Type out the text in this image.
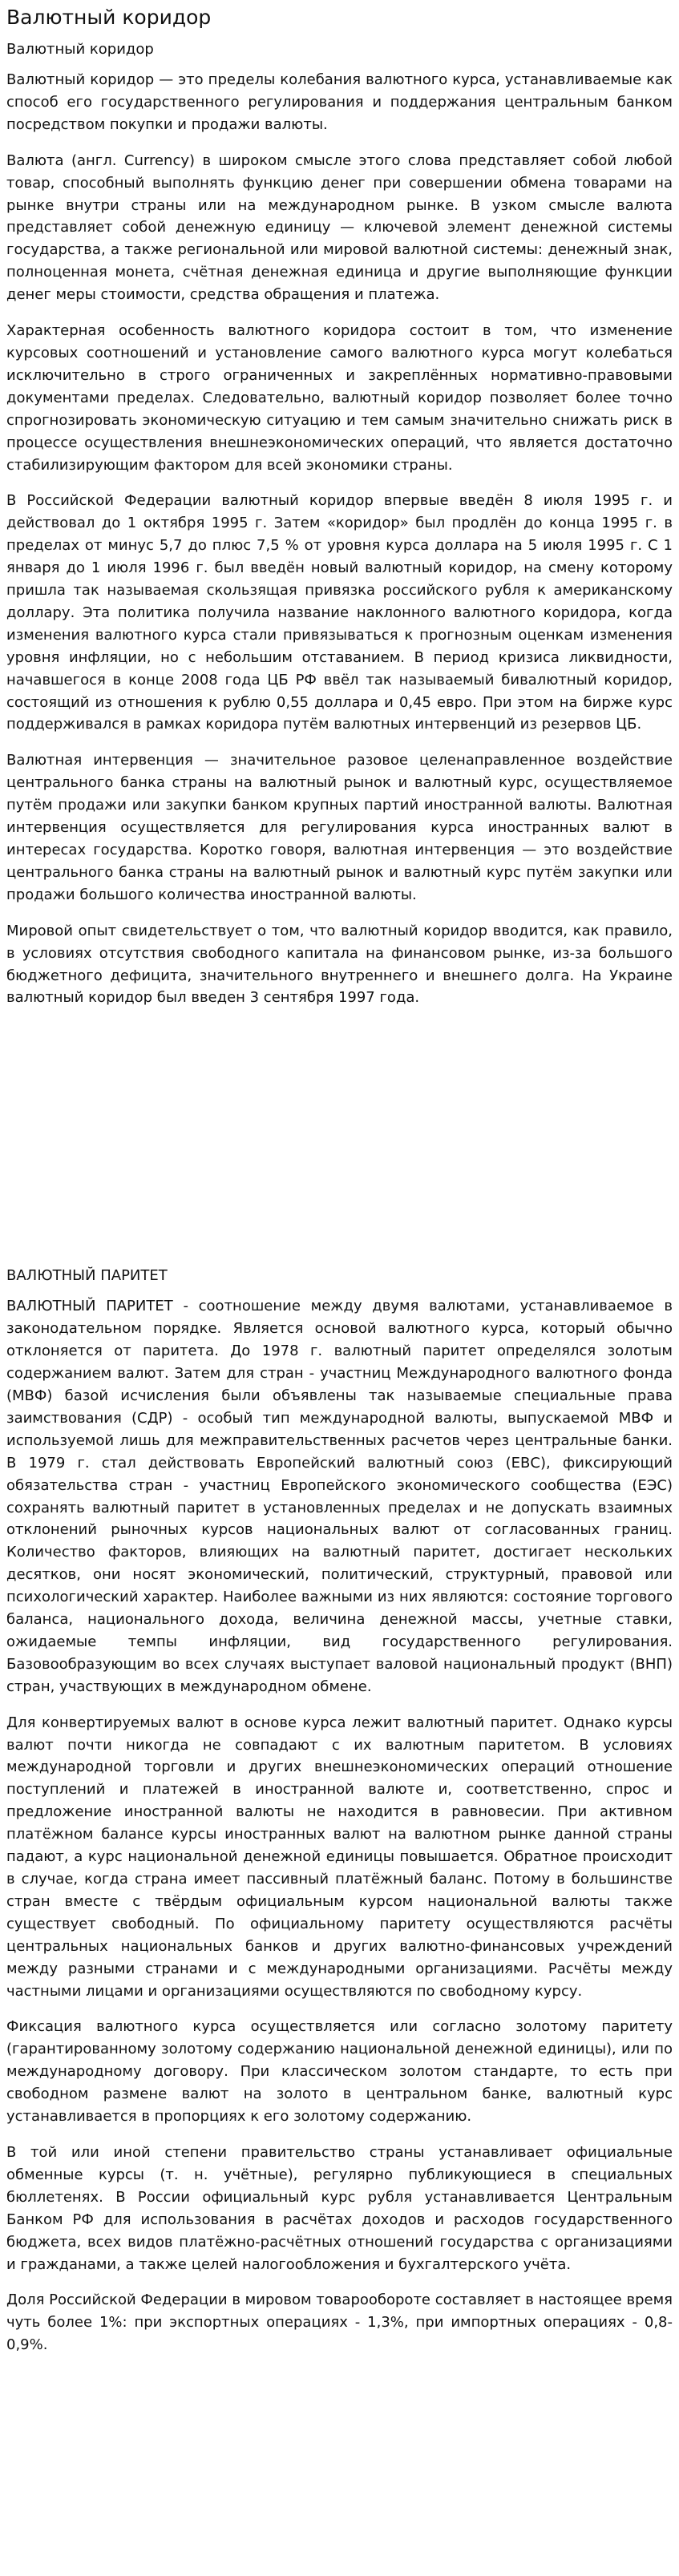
Валютный коридор
Валютный коридор

Валютный коридор — это пределы колебания валютного курса, устанавливаемые как способ его государственного регулирования и поддержания центральным банком посредством покупки и продажи валюты.

Валюта (англ. Currency) в широком смысле этого слова представляет собой любой товар, способный выполнять функцию денег при совершении обмена товарами на рынке внутри страны или на международном рынке. В узком смысле валюта представляет собой денежную единицу — ключевой элемент денежной системы государства, а также региональной или мировой валютной системы: денежный знак, полноценная монета, счётная денежная единица и другие выполняющие функции денег меры стоимости, средства обращения и платежа.

Характерная особенность валютного коридора состоит в том, что изменение курсовых соотношений и установление самого валютного курса могут колебаться исключительно в строго ограниченных и закреплённых нормативно-правовыми документами пределах. Следовательно, валютный коридор позволяет более точно спрогнозировать экономическую ситуацию и тем самым значительно снижать риск в процессе осуществления внешнеэкономических операций, что является достаточно стабилизирующим фактором для всей экономики страны.

В Российской Федерации валютный коридор впервые введён 8 июля 1995 г. и действовал до 1 октября 1995 г. Затем «коридор» был продлён до конца 1995 г. в пределах от минус 5,7 до плюс 7,5 % от уровня курса доллара на 5 июля 1995 г. С 1 января до 1 июля 1996 г. был введён новый валютный коридор, на смену которому пришла так называемая скользящая привязка российского рубля к американскому доллару. Эта политика получила название наклонного валютного коридора, когда изменения валютного курса стали привязываться к прогнозным оценкам изменения уровня инфляции, но с небольшим отставанием. В период кризиса ликвидности, начавшегося в конце 2008 года ЦБ РФ ввёл так называемый бивалютный коридор, состоящий из отношения к рублю 0,55 доллара и 0,45 евро. При этом на бирже курс поддерживался в рамках коридора путём валютных интервенций из резервов ЦБ.

Валютная интервенция — значительное разовое целенаправленное воздействие центрального банка страны на валютный рынок и валютный курс, осуществляемое путём продажи или закупки банком крупных партий иностранной валюты. Валютная интервенция осуществляется для регулирования курса иностранных валют в интересах государства. Коротко говоря, валютная интервенция — это воздействие центрального банка страны на валютный рынок и валютный курс путём закупки или продажи большого количества иностранной валюты.

Мировой опыт свидетельствует о том, что валютный коридор вводится, как правило, в условиях отсутствия свободного капитала на финансовом рынке, из-за большого бюджетного дефицита, значительного внутреннего и внешнего долга. На Украине валютный коридор был введен 3 сентября 1997 года.

ВАЛЮТНЫЙ ПАРИТЕТ

ВАЛЮТНЫЙ ПАРИТЕТ - соотношение между двумя валютами, устанавливаемое в законодательном порядке. Является основой валютного курса, который обычно отклоняется от паритета. До 1978 г. валютный паритет определялся золотым содержанием валют. Затем для стран - участниц Международного валютного фонда (МВФ) базой исчисления были объявлены так называемые специальные права заимствования (СДР) - особый тип международной валюты, выпускаемой МВФ и используемой лишь для межправительственных расчетов через центральные банки. В 1979 г. стал действовать Европейский валютный союз (ЕВС), фиксирующий обязательства стран - участниц Европейского экономического сообщества (ЕЭС) сохранять валютный паритет в установленных пределах и не допускать взаимных отклонений рыночных курсов национальных валют от согласованных границ. Количество факторов, влияющих на валютный паритет, достигает нескольких десятков, они носят экономический, политический, структурный, правовой или психологический характер. Наиболее важными из них являются: состояние торгового баланса, национального дохода, величина денежной массы, учетные ставки, ожидаемые темпы инфляции, вид государственного регулирования. Базовообразующим во всех случаях выступает валовой национальный продукт (ВНП) стран, участвующих в международном обмене.

Для конвертируемых валют в основе курса лежит валютный паритет. Однако курсы валют почти никогда не совпадают с их валютным паритетом. В условиях международной торговли и других внешнеэкономических операций отношение поступлений и платежей в иностранной валюте и, соответственно, спрос и предложение иностранной валюты не находится в равновесии. При активном платёжном балансе курсы иностранных валют на валютном рынке данной страны падают, а курс национальной денежной единицы повышается. Обратное происходит в случае, когда страна имеет пассивный платёжный баланс. Потому в большинстве стран вместе с твёрдым официальным курсом национальной валюты также существует свободный. По официальному паритету осуществляются расчёты центральных национальных банков и других валютно-финансовых учреждений между разными странами и с международными организациями. Расчёты между частными лицами и организациями осуществляются по свободному курсу.

Фиксация валютного курса осуществляется или согласно золотому паритету (гарантированному золотому содержанию национальной денежной единицы), или по международному договору. При классическом золотом стандарте, то есть при свободном размене валют на золото в центральном банке, валютный курс устанавливается в пропорциях к его золотому содержанию.

В той или иной степени правительство страны устанавливает официальные обменные курсы (т. н. учётные), регулярно публикующиеся в специальных бюллетенях. В России официальный курс рубля устанавливается Центральным Банком РФ для использования в расчётах доходов и расходов государственного бюджета, всех видов платёжно-расчётных отношений государства с организациями и гражданами, а также целей налогообложения и бухгалтерского учёта.

Доля Российской Федерации в мировом товарообороте составляет в настоящее время чуть более 1%: при экспортных операциях - 1,3%, при импортных операциях - 0,8-0,9%.
